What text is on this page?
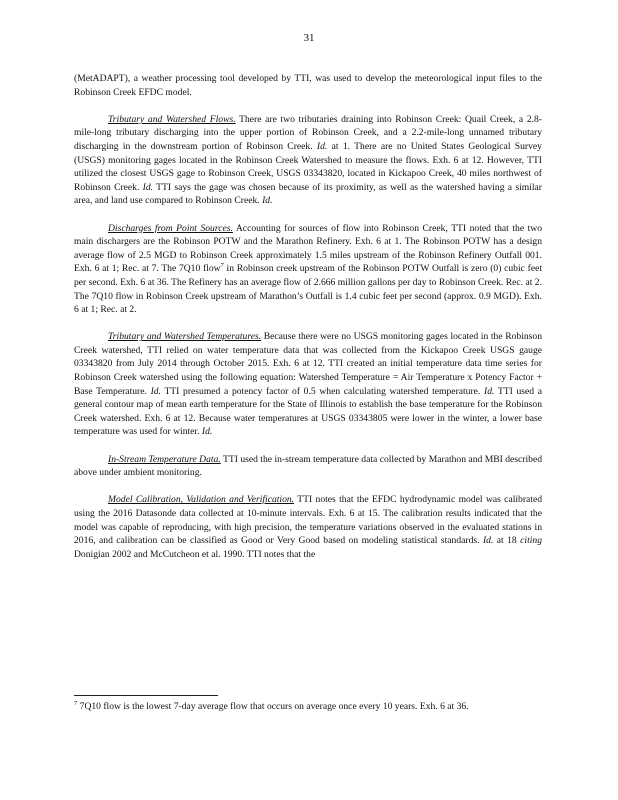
31

(MetADAPT), a weather processing tool developed by TTI, was used to develop the meteorological input files to the Robinson Creek EFDC model.

Tributary and Watershed Flows. There are two tributaries draining into Robinson Creek: Quail Creek, a 2.8-mile-long tributary discharging into the upper portion of Robinson Creek, and a 2.2-mile-long unnamed tributary discharging in the downstream portion of Robinson Creek. Id. at 1. There are no United States Geological Survey (USGS) monitoring gages located in the Robinson Creek Watershed to measure the flows. Exh. 6 at 12. However, TTI utilized the closest USGS gage to Robinson Creek, USGS 03343820, located in Kickapoo Creek, 40 miles northwest of Robinson Creek. Id. TTI says the gage was chosen because of its proximity, as well as the watershed having a similar area, and land use compared to Robinson Creek. Id.

Discharges from Point Sources. Accounting for sources of flow into Robinson Creek, TTI noted that the two main dischargers are the Robinson POTW and the Marathon Refinery. Exh. 6 at 1. The Robinson POTW has a design average flow of 2.5 MGD to Robinson Creek approximately 1.5 miles upstream of the Robinson Refinery Outfall 001. Exh. 6 at 1; Rec. at 7. The 7Q10 flow$^7$ in Robinson creek upstream of the Robinson POTW Outfall is zero (0) cubic feet per second. Exh. 6 at 36. The Refinery has an average flow of 2.666 million gallons per day to Robinson Creek. Rec. at 2. The 7Q10 flow in Robinson Creek upstream of Marathon’s Outfall is 1.4 cubic feet per second (approx. 0.9 MGD). Exh. 6 at 1; Rec. at 2.

Tributary and Watershed Temperatures. Because there were no USGS monitoring gages located in the Robinson Creek watershed, TTI relied on water temperature data that was collected from the Kickapoo Creek USGS gauge 03343820 from July 2014 through October 2015. Exh. 6 at 12. TTI created an initial temperature data time series for Robinson Creek watershed using the following equation: Watershed Temperature = Air Temperature x Potency Factor + Base Temperature. Id. TTI presumed a potency factor of 0.5 when calculating watershed temperature. Id. TTI used a general contour map of mean earth temperature for the State of Illinois to establish the base temperature for the Robinson Creek watershed. Exh. 6 at 12. Because water temperatures at USGS 03343805 were lower in the winter, a lower base temperature was used for winter. Id.

In-Stream Temperature Data. TTI used the in-stream temperature data collected by Marathon and MBI described above under ambient monitoring.

Model Calibration, Validation and Verification. TTI notes that the EFDC hydrodynamic model was calibrated using the 2016 Datasonde data collected at 10-minute intervals. Exh. 6 at 15. The calibration results indicated that the model was capable of reproducing, with high precision, the temperature variations observed in the evaluated stations in 2016, and calibration can be classified as Good or Very Good based on modeling statistical standards. Id. at 18 citing Donigian 2002 and McCutcheon et al. 1990. TTI notes that the

$^7$ 7Q10 flow is the lowest 7-day average flow that occurs on average once every 10 years. Exh. 6 at 36.
